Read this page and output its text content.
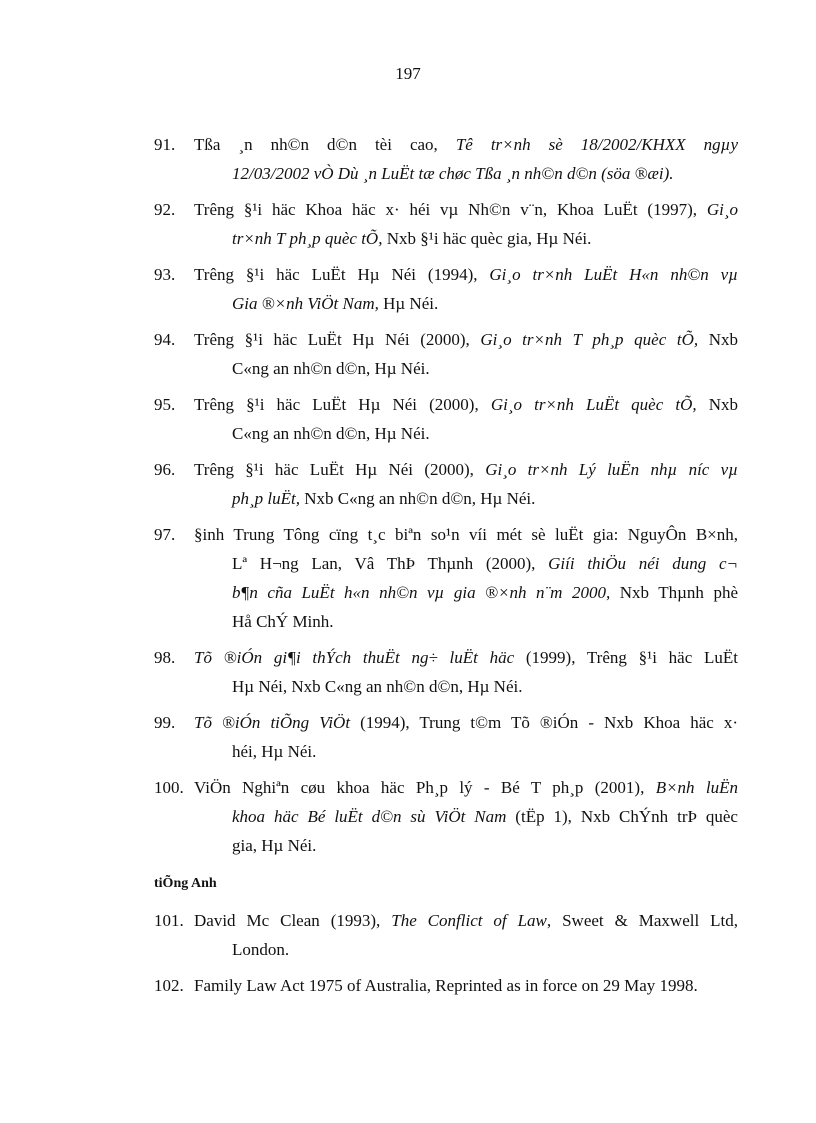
197
91. Tßa ¸n nh©n d©n tèi cao, Tê tr×nh sè 18/2002/KHXX ngµy
12/03/2002 vÒ Dù ¸n LuËt tæ chøc Tßa ¸n nh©n d©n (söa ®æi).
92. Trêng §¹i häc Khoa häc x· héi vµ Nh©n v¨n, Khoa LuËt (1997), Gi¸o
tr×nh T ph¸p quèc tÕ, Nxb §¹i häc quèc gia, Hµ Néi.
93. Trêng §¹i häc LuËt Hµ Néi (1994), Gi¸o tr×nh LuËt H«n nh©n vµ
Gia ®×nh ViÖt Nam, Hµ Néi.
94. Trêng §¹i häc LuËt Hµ Néi (2000), Gi¸o tr×nh T ph¸p quèc tÕ, Nxb
C«ng an nh©n d©n, Hµ Néi.
95. Trêng §¹i häc LuËt Hµ Néi (2000), Gi¸o tr×nh LuËt quèc tÕ, Nxb
C«ng an nh©n d©n, Hµ Néi.
96. Trêng §¹i häc LuËt Hµ Néi (2000), Gi¸o tr×nh Lý luËn nhµ níc vµ
ph¸p luËt, Nxb C«ng an nh©n d©n, Hµ Néi.
97. §inh Trung Tông cïng t¸c biªn so¹n víi mét sè luËt gia: NguyÔn B×nh,
Lª H¬ng Lan, Vâ ThÞ Thµnh (2000), Giíi thiÖu néi dung c¬
b¶n cña LuËt h«n nh©n vµ gia ®×nh n¨m 2000, Nxb Thµnh phè
Hå ChÝ Minh.
98. Tõ ®iÓn gi¶i thÝch thuËt ng÷ luËt häc (1999), Trêng §¹i häc LuËt
Hµ Néi, Nxb C«ng an nh©n d©n, Hµ Néi.
99. Tõ ®iÓn tiÕng ViÖt (1994), Trung t©m Tõ ®iÓn - Nxb Khoa häc x·
héi, Hµ Néi.
100. ViÖn Nghiªn cøu khoa häc Ph¸p lý - Bé T ph¸p (2001), B×nh luËn
khoa häc Bé luËt d©n sù ViÖt Nam (tËp 1), Nxb ChÝnh trÞ quèc
gia, Hµ Néi.
tiÕng Anh
101. David Mc Clean (1993), The Conflict of Law, Sweet & Maxwell Ltd,
London.
102. Family Law Act 1975 of Australia, Reprinted as in force on 29 May 1998.
